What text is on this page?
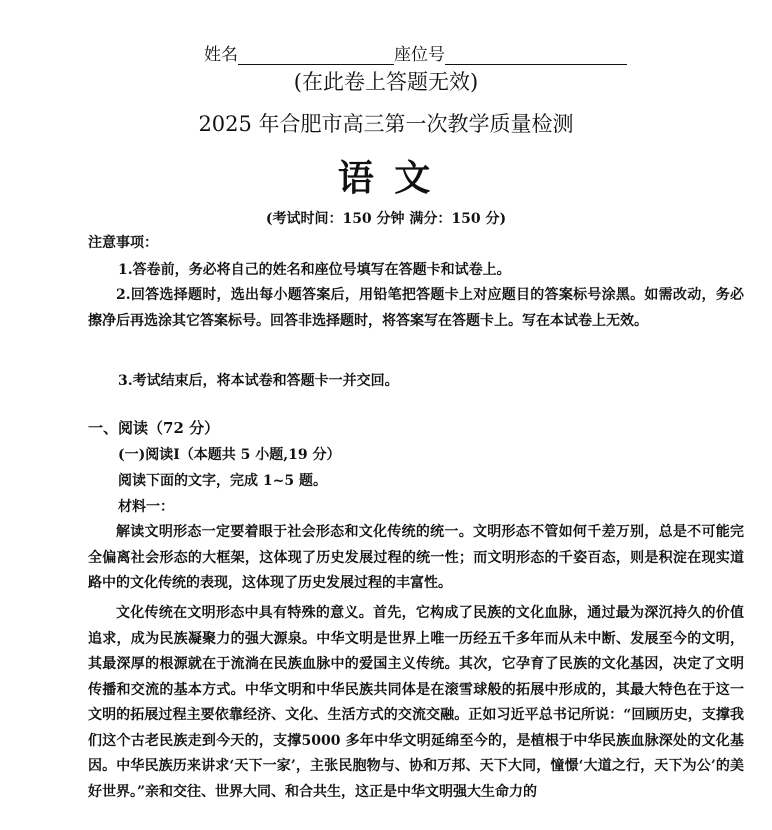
姓名	座位号
(在此卷上答题无效)
2025 年合肥市高三第一次教学质量检测
语 文
(考试时间：150 分钟 满分：150 分)
注意事项：
1.答卷前，务必将自己的姓名和座位号填写在答题卡和试卷上。
2.回答选择题时，选出每小题答案后，用铅笔把答题卡上对应题目的答案标号涂黑。如需改动，务必擦净后再选涂其它答案标号。回答非选择题时，将答案写在答题卡上。写在本试卷上无效。
3.考试结束后，将本试卷和答题卡一并交回。
一、阅读（72 分）
(一)阅读Ⅰ（本题共 5 小题,19 分）
阅读下面的文字，完成 1~5 题。
材料一：
解读文明形态一定要着眼于社会形态和文化传统的统一。文明形态不管如何千差万别，总是不可能完全偏离社会形态的大框架，这体现了历史发展过程的统一性；而文明形态的千姿百态，则是积淀在现实道路中的文化传统的表现，这体现了历史发展过程的丰富性。
文化传统在文明形态中具有特殊的意义。首先，它构成了民族的文化血脉，通过最为深沉持久的价值追求，成为民族凝聚力的强大源泉。中华文明是世界上唯一历经五千多年而从未中断、发展至今的文明，其最深厚的根源就在于流淌在民族血脉中的爱国主义传统。其次，它孕育了民族的文化基因，决定了文明传播和交流的基本方式。中华文明和中华民族共同体是在滚雪球般的拓展中形成的，其最大特色在于这一文明的拓展过程主要依靠经济、文化、生活方式的交流交融。正如习近平总书记所说：“回顾历史，支撑我们这个古老民族走到今天的，支撑5000 多年中华文明延绵至今的，是植根于中华民族血脉深处的文化基因。中华民族历来讲求‘天下一家’，主张民胞物与、协和万邦、天下大同，憧憬‘大道之行，天下为公’的美好世界。”亲和交往、世界大同、和合共生，这正是中华文明强大生命力的
